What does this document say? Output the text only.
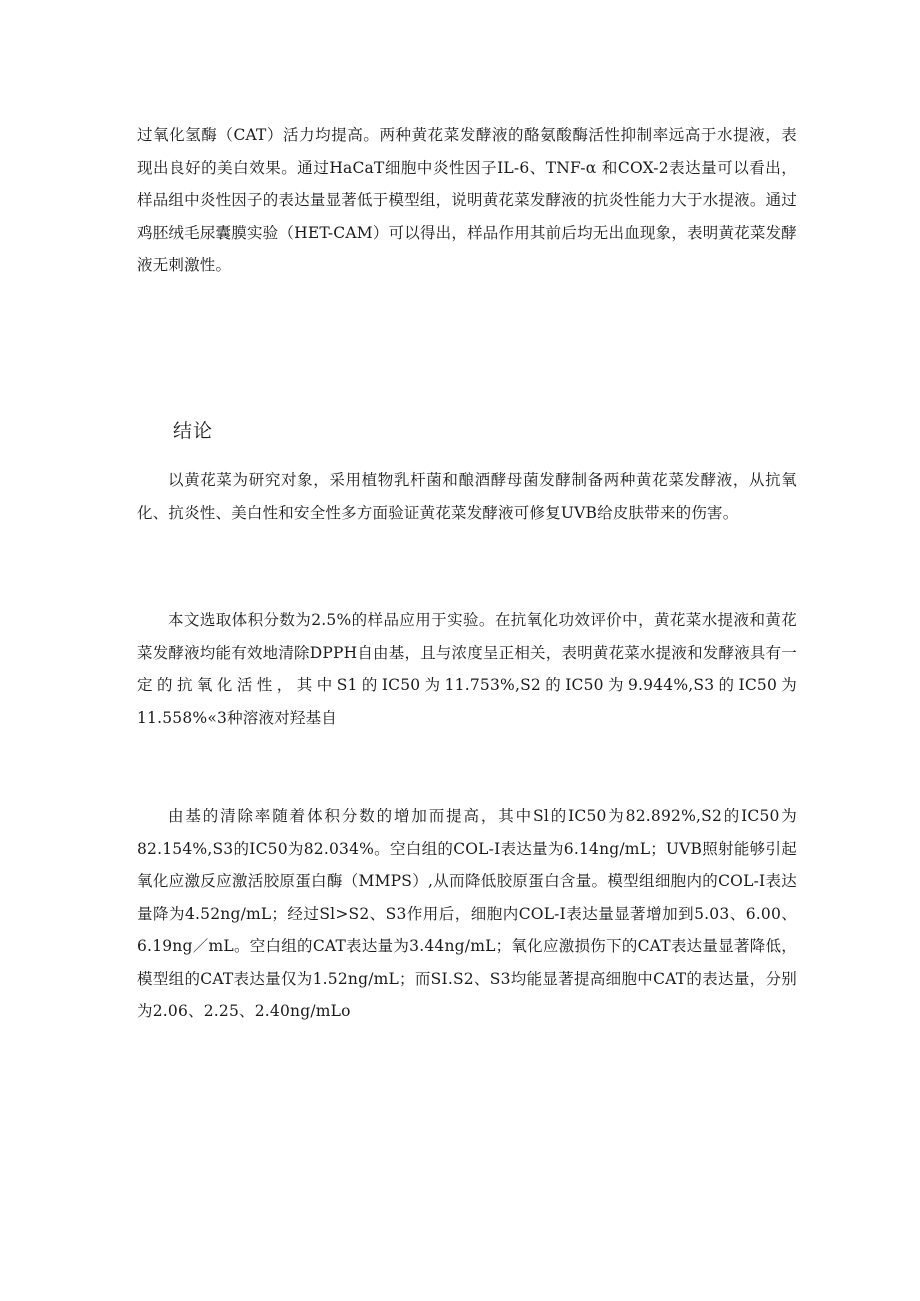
过氧化氢酶（CAT）活力均提高。两种黄花菜发酵液的酪氨酸酶活性抑制率远高于水提液，表现出良好的美白效果。通过HaCaT细胞中炎性因子IL-6、TNF-α 和COX-2表达量可以看出，样品组中炎性因子的表达量显著低于模型组，说明黄花菜发酵液的抗炎性能力大于水提液。通过鸡胚绒毛尿囊膜实验（HET-CAM）可以得出，样品作用其前后均无出血现象，表明黄花菜发酵液无刺激性。

结论

以黄花菜为研究对象，采用植物乳杆菌和酿酒酵母菌发酵制备两种黄花菜发酵液，从抗氧化、抗炎性、美白性和安全性多方面验证黄花菜发酵液可修复UVB给皮肤带来的伤害。

本文选取体积分数为2.5%的样品应用于实验。在抗氧化功效评价中，黄花菜水提液和黄花菜发酵液均能有效地清除DPPH自由基，且与浓度呈正相关，表明黄花菜水提液和发酵液具有一定的抗氧化活性，其中S1的IC50为11.753%,S2的IC50为9.944%,S3的IC50为11.558%«3种溶液对羟基自

由基的清除率随着体积分数的增加而提高，其中Sl的IC50为82.892%,S2的IC50为82.154%,S3的IC50为82.034%。空白组的COL-I表达量为6.14ng/mL；UVB照射能够引起氧化应激反应激活胶原蛋白酶（MMPS）,从而降低胶原蛋白含量。模型组细胞内的COL-I表达量降为4.52ng/mL；经过Sl>S2、S3作用后，细胞内COL-I表达量显著增加到5.03、6.00、6.19ng／mL。空白组的CAT表达量为3.44ng/mL；氧化应激损伤下的CAT表达量显著降低，模型组的CAT表达量仅为1.52ng/mL；而SI.S2、S3均能显著提高细胞中CAT的表达量，分别为2.06、2.25、2.40ng/mLo
